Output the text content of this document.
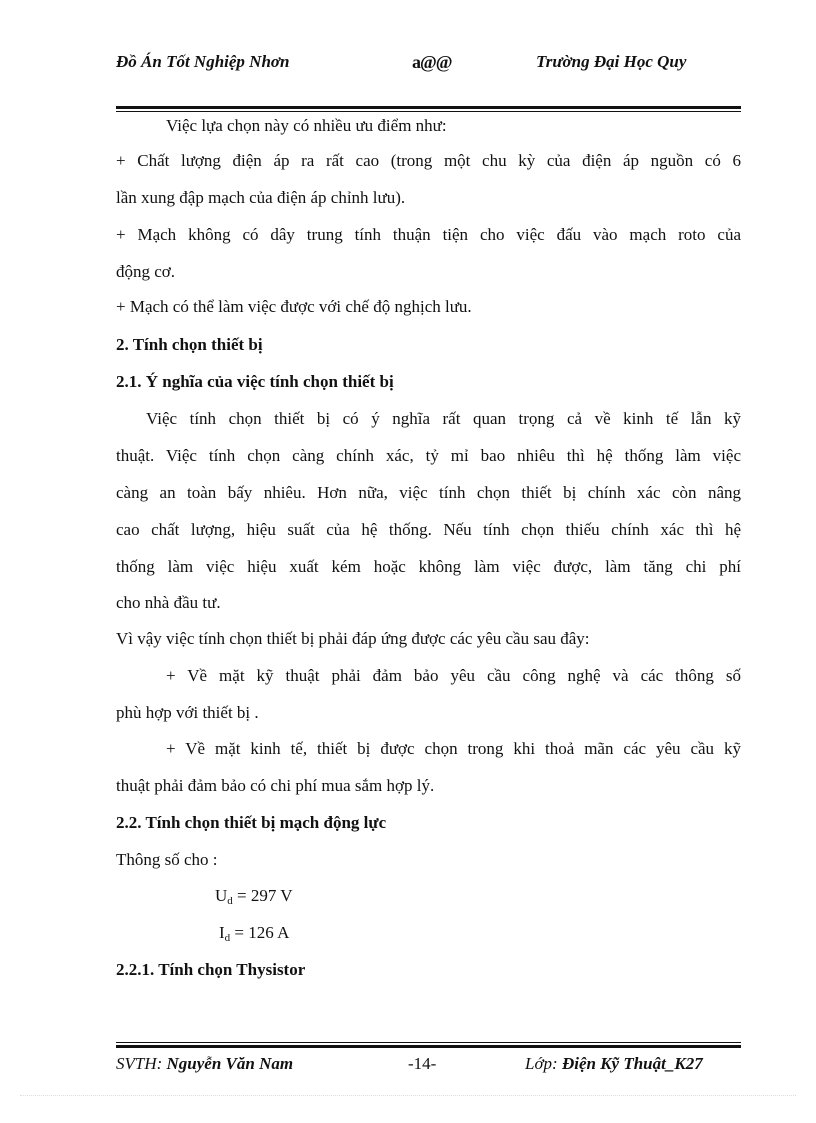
Đồ Án Tốt Nghiệp Nhơn	a@@	Trường Đại Học Quy
Việc lựa chọn này có nhiều ưu điểm như:
+ Chất lượng điện áp ra rất cao (trong một chu kỳ của điện áp nguồn có 6
lần xung đập mạch của điện áp chỉnh lưu).
+ Mạch không có dây trung tính thuận tiện cho việc đấu vào mạch roto của
động cơ.
+ Mạch có thể làm việc được với chế độ nghịch lưu.
2. Tính chọn thiết bị
2.1. Ý nghĩa của việc tính chọn thiết bị
Việc tính chọn thiết bị có ý nghĩa rất quan trọng cả về kinh tế lẫn kỹ
thuật. Việc tính chọn càng chính xác, tỷ mỉ bao nhiêu thì hệ thống làm việc
càng an toàn bấy nhiêu. Hơn nữa, việc tính chọn thiết bị chính xác còn nâng
cao chất lượng, hiệu suất của hệ thống. Nếu tính chọn thiếu chính xác thì hệ
thống làm việc hiệu xuất kém hoặc không làm việc được, làm tăng chi phí
cho nhà đầu tư.
Vì vậy việc tính chọn thiết bị phải đáp ứng được các yêu cầu sau đây:
+ Về mặt kỹ thuật phải đảm bảo yêu cầu công nghệ và các thông số
phù hợp với thiết bị .
+ Về mặt kinh tế, thiết bị được chọn trong khi thoả mãn các yêu cầu kỹ
thuật phải đảm bảo có chi phí mua sắm hợp lý.
2.2. Tính chọn thiết bị mạch động lực
Thông số cho :
$U_d = 297$ V
$I_d = 126$ A
2.2.1. Tính chọn Thysistor
SVTH: Nguyễn Văn Nam	-14-	Lớp: Điện Kỹ Thuật_K27
